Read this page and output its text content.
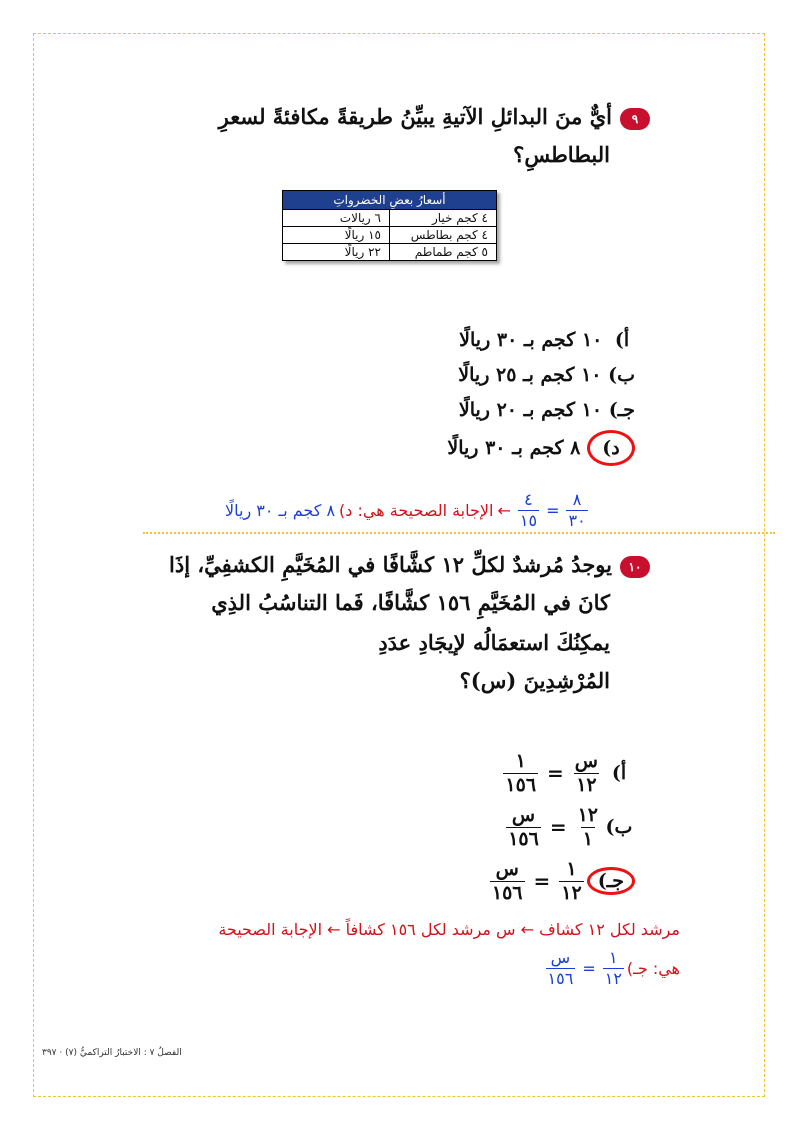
٩أيٌّ منَ البدائلِ الآتيةِ يبيِّنُ طريقةً مكافئةً لسعرِ
البطاطسِ؟
أسعارُ بعضِ الخضرواتِ	
٤ كجم خيار	٦ ريالات
٤ كجم بطاطس	١٥ ريالًا
٥ كجم طماطم	٢٢ ريالًا
أ) ١٠ كجم بـ ٣٠ ريالًا
ب) ١٠ كجم بـ ٢٥ ريالًا
جـ) ١٠ كجم بـ ٢٠ ريالًا
د) ٨ كجم بـ ٣٠ ريالًا
٨ كجم بـ ٣٠ ريالًا الإجابة الصحيحة هي: د) ← $\frac{٤}{١٥} = \frac{٨}{٣٠}$
١٠يوجدُ مُرشدٌ لكلِّ ١٢ كشَّافًا في المُخَيَّمِ الكشفِيِّ، إذَا
كانَ في المُخَيَّمِ ١٥٦ كشَّافًا، فَما التناسُبُ الذِي
يمكِنُكَ استعمَالُه لإيجَادِ عدَدِ
المُرْشِدِينَ (س)؟
أ)
$\frac{\text{س}}{١٢}$
=
$\frac{١}{١٥٦}$
ب)
$\frac{١٢}{١}$
=
$\frac{\text{س}}{١٥٦}$
جـ)
$\frac{١}{١٢}$
=
$\frac{\text{س}}{١٥٦}$
مرشد لكل ١٢ كشاف ← س مرشد لكل ١٥٦ كشافاً ← الإجابة الصحيحة
هي: جـ)
$\frac{١}{١٢}$
=
$\frac{\text{س}}{١٥٦}$
الفصلُ ٧ : الاختبارُ التراكميُّ (٧) · ٣٩٧
